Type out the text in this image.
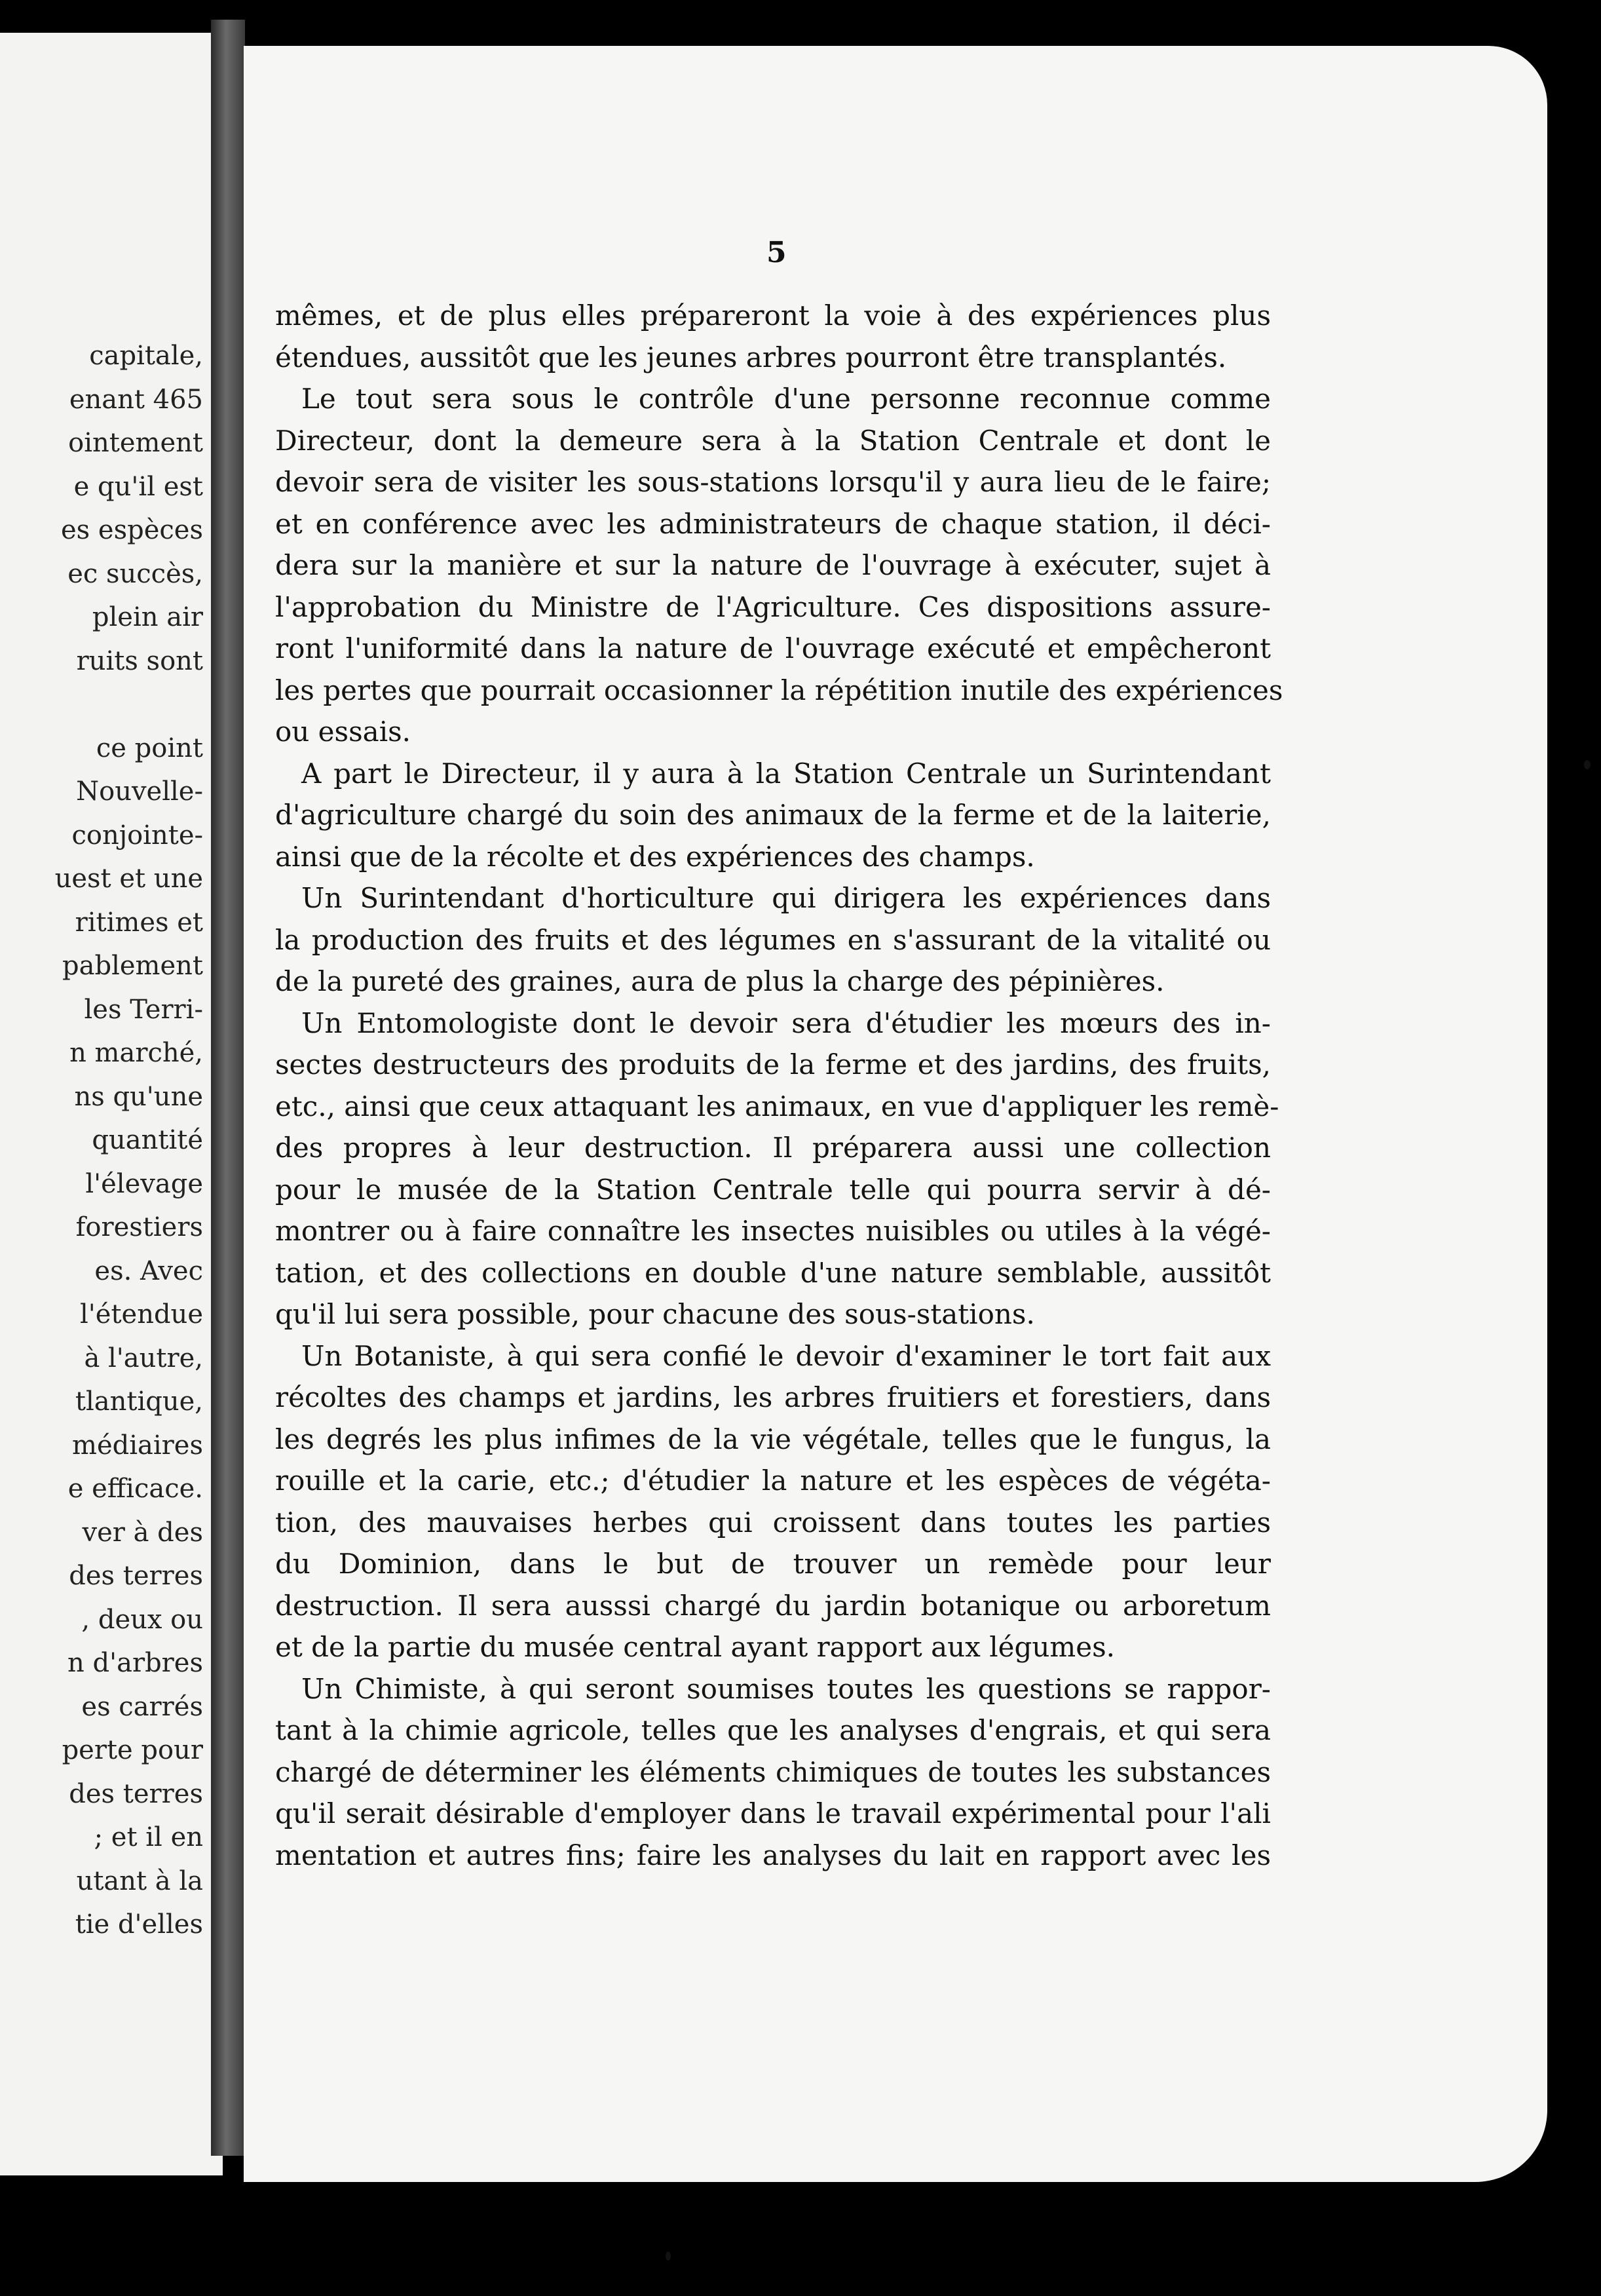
capitale,
enant 465
ointement
e qu'il est
es espèces
ec succès,
plein air
ruits sont

ce point
Nouvelle-
conjointe-
uest et une
ritimes et
pablement
les Terri-
n marché,
ns qu'une
quantité
l'élevage
forestiers
es. Avec
l'étendue
à l'autre,
tlantique,
médiaires
e efficace.
ver à des
des terres
, deux ou
n d'arbres
es carrés
perte pour
des terres
; et il en
utant à la
tie d'elles
5
mêmes, et de plus elles prépareront la voie à des expériences plus
étendues, aussitôt que les jeunes arbres pourront être transplantés.
Le tout sera sous le contrôle d'une personne reconnue comme
Directeur, dont la demeure sera à la Station Centrale et dont le
devoir sera de visiter les sous-stations lorsqu'il y aura lieu de le faire;
et en conférence avec les administrateurs de chaque station, il déci-
dera sur la manière et sur la nature de l'ouvrage à exécuter, sujet à
l'approbation du Ministre de l'Agriculture. Ces dispositions assure-
ront l'uniformité dans la nature de l'ouvrage exécuté et empêcheront
les pertes que pourrait occasionner la répétition inutile des expériences
ou essais.
A part le Directeur, il y aura à la Station Centrale un Surintendant
d'agriculture chargé du soin des animaux de la ferme et de la laiterie,
ainsi que de la récolte et des expériences des champs.
Un Surintendant d'horticulture qui dirigera les expériences dans
la production des fruits et des légumes en s'assurant de la vitalité ou
de la pureté des graines, aura de plus la charge des pépinières.
Un Entomologiste dont le devoir sera d'étudier les mœurs des in-
sectes destructeurs des produits de la ferme et des jardins, des fruits,
etc., ainsi que ceux attaquant les animaux, en vue d'appliquer les remè-
des propres à leur destruction. Il préparera aussi une collection
pour le musée de la Station Centrale telle qui pourra servir à dé-
montrer ou à faire connaître les insectes nuisibles ou utiles à la végé-
tation, et des collections en double d'une nature semblable, aussitôt
qu'il lui sera possible, pour chacune des sous-stations.
Un Botaniste, à qui sera confié le devoir d'examiner le tort fait aux
récoltes des champs et jardins, les arbres fruitiers et forestiers, dans
les degrés les plus infimes de la vie végétale, telles que le fungus, la
rouille et la carie, etc.; d'étudier la nature et les espèces de végéta-
tion, des mauvaises herbes qui croissent dans toutes les parties
du Dominion, dans le but de trouver un remède pour leur
destruction. Il sera ausssi chargé du jardin botanique ou arboretum
et de la partie du musée central ayant rapport aux légumes.
Un Chimiste, à qui seront soumises toutes les questions se rappor-
tant à la chimie agricole, telles que les analyses d'engrais, et qui sera
chargé de déterminer les éléments chimiques de toutes les substances
qu'il serait désirable d'employer dans le travail expérimental pour l'ali
mentation et autres fins; faire les analyses du lait en rapport avec les
